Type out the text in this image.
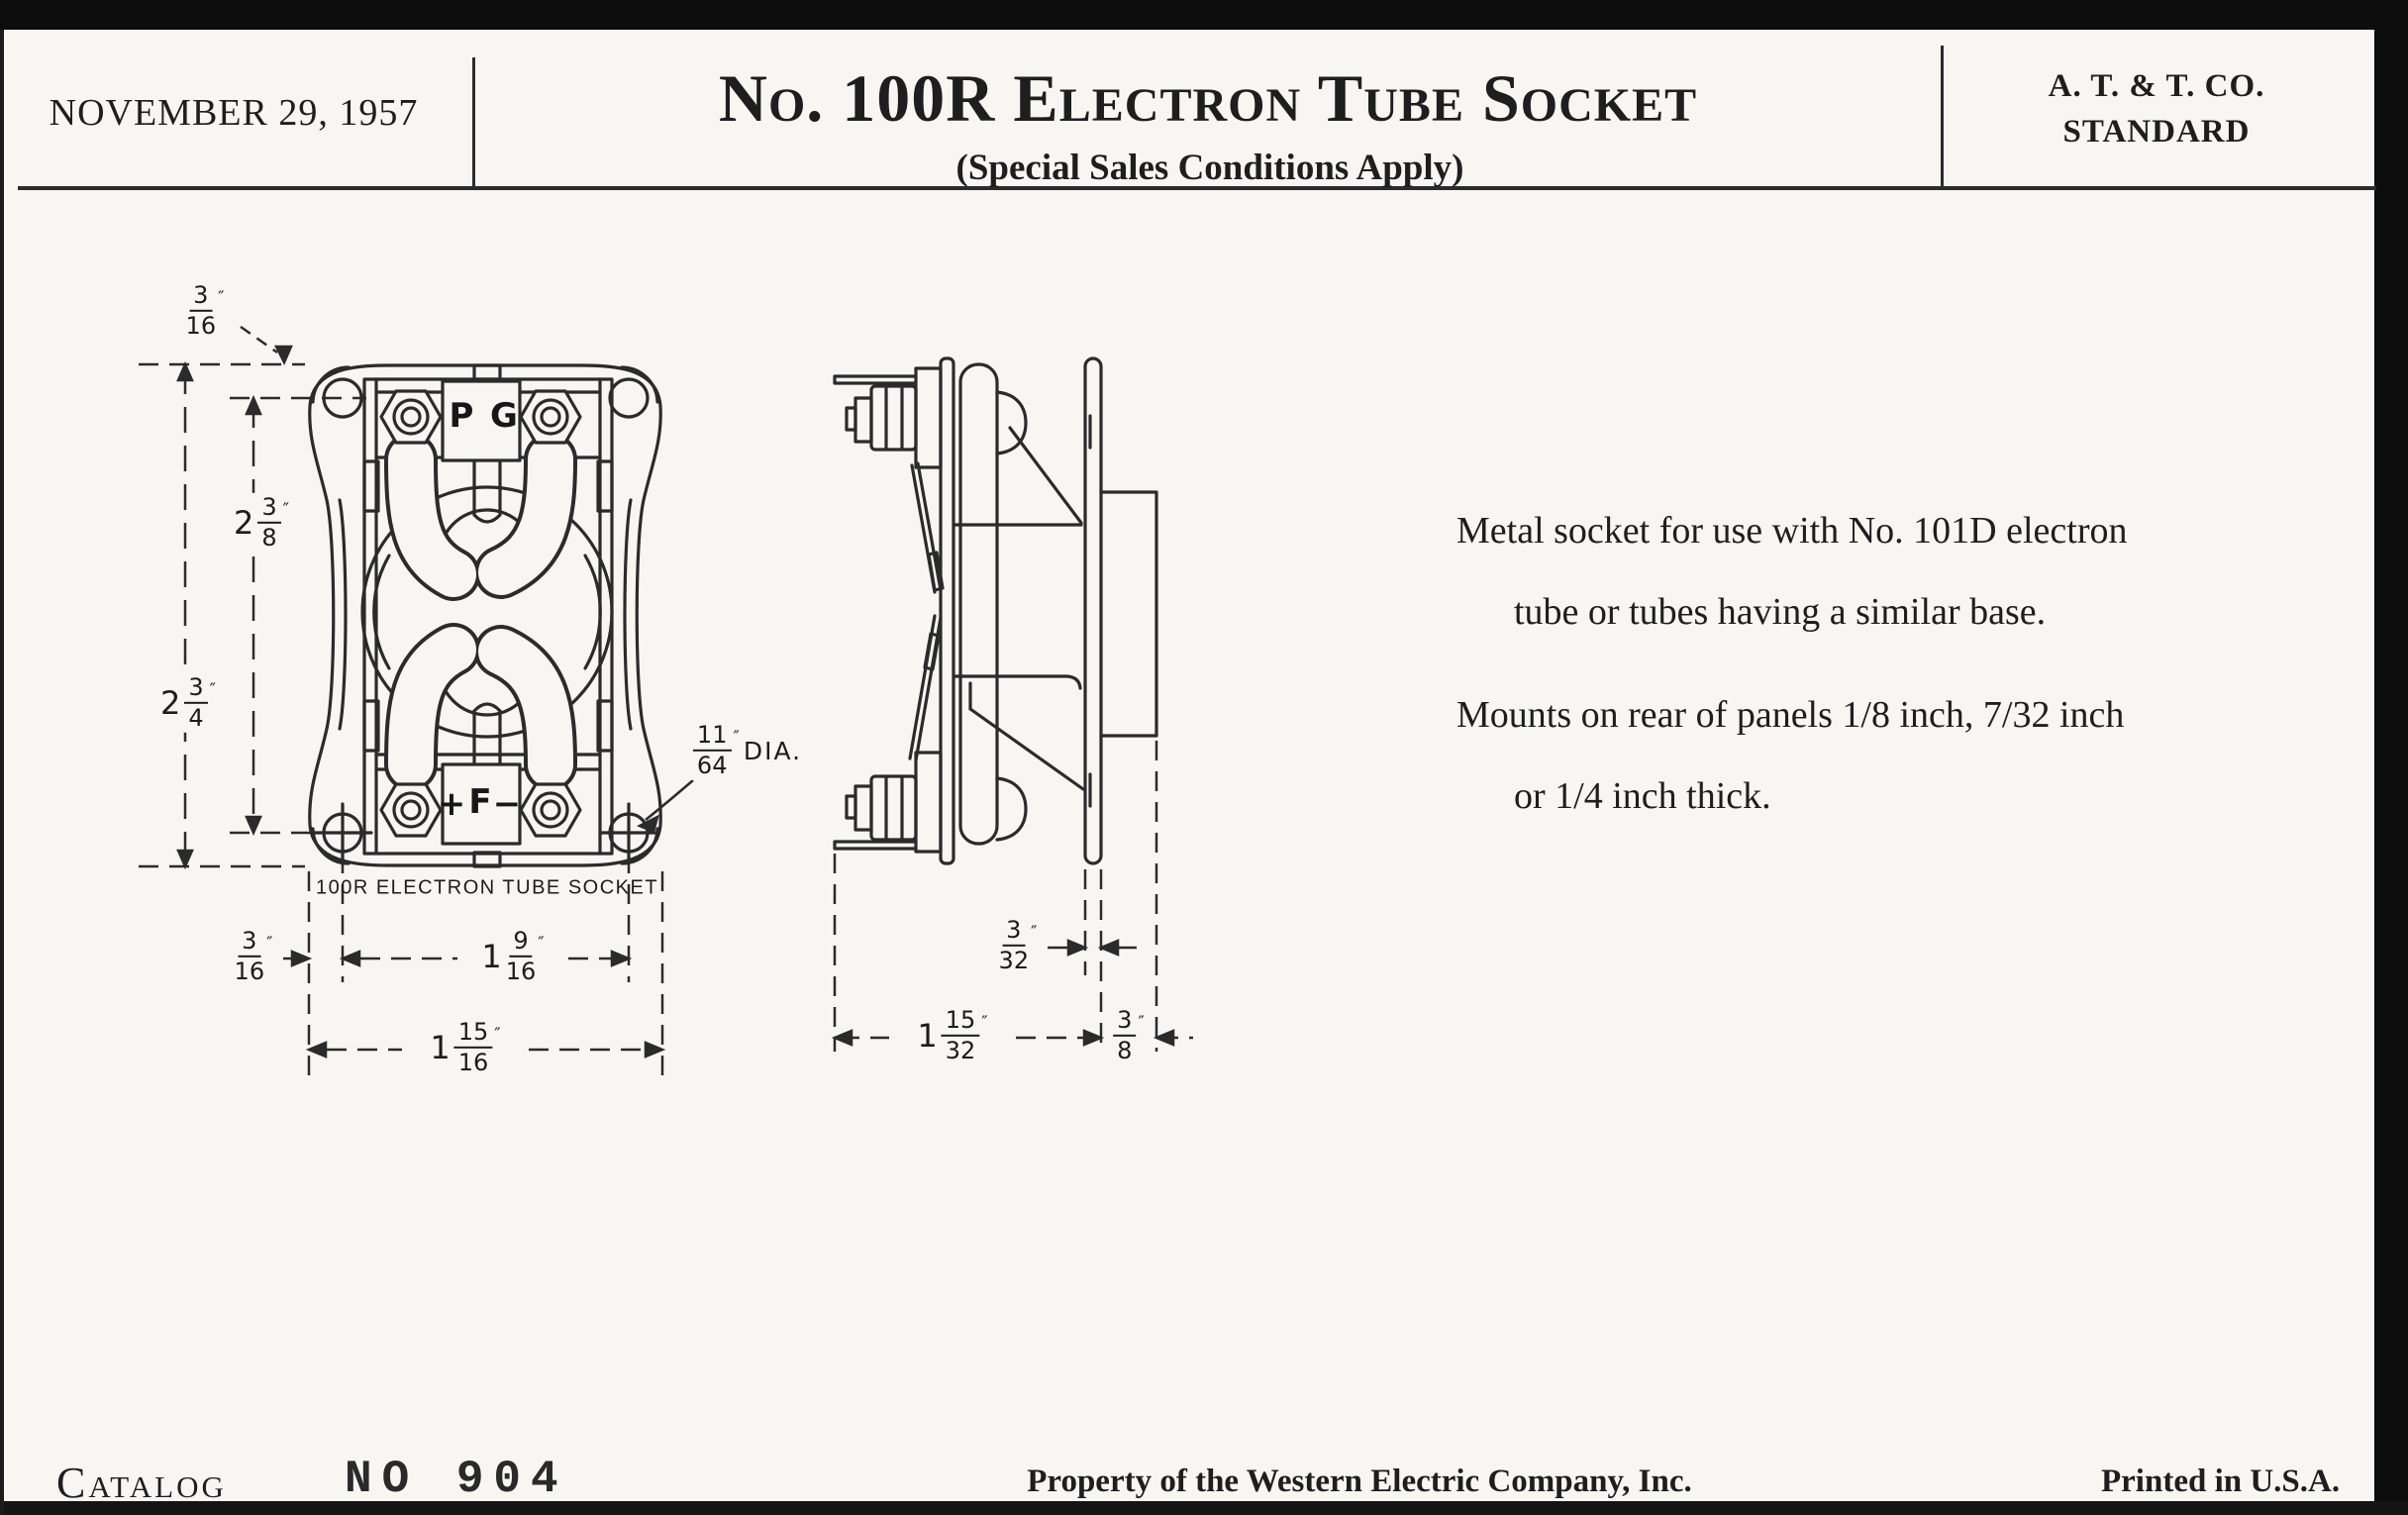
NOVEMBER 29, 1957	No. 100R Electron Tube Socket
(Special Sales Conditions Apply)
A. T. & T. CO.
STANDARD
P G
+ F −
100R ELECTRON TUBE SOCKET
$\frac{3}{16}$ ″
$2 \frac{3}{8}$ ″
$2 \frac{3}{4}$ ″
$\frac{3}{16}$ ″	$1 \frac{9}{16}$ ″
$1 \frac{15}{16}$ ″
$\frac{11}{64}$ ″ DIA.
$\frac{3}{32}$ ″
$1 \frac{15}{32}$ ″	$\frac{3}{8}$ ″
Metal socket for use with No. 101D electron
tube or tubes having a similar base.
Mounts on rear of panels 1/8 inch, 7/32 inch
or 1/4 inch thick.
Catalog	NO 904	Property of the Western Electric Company, Inc.	Printed in U.S.A.
